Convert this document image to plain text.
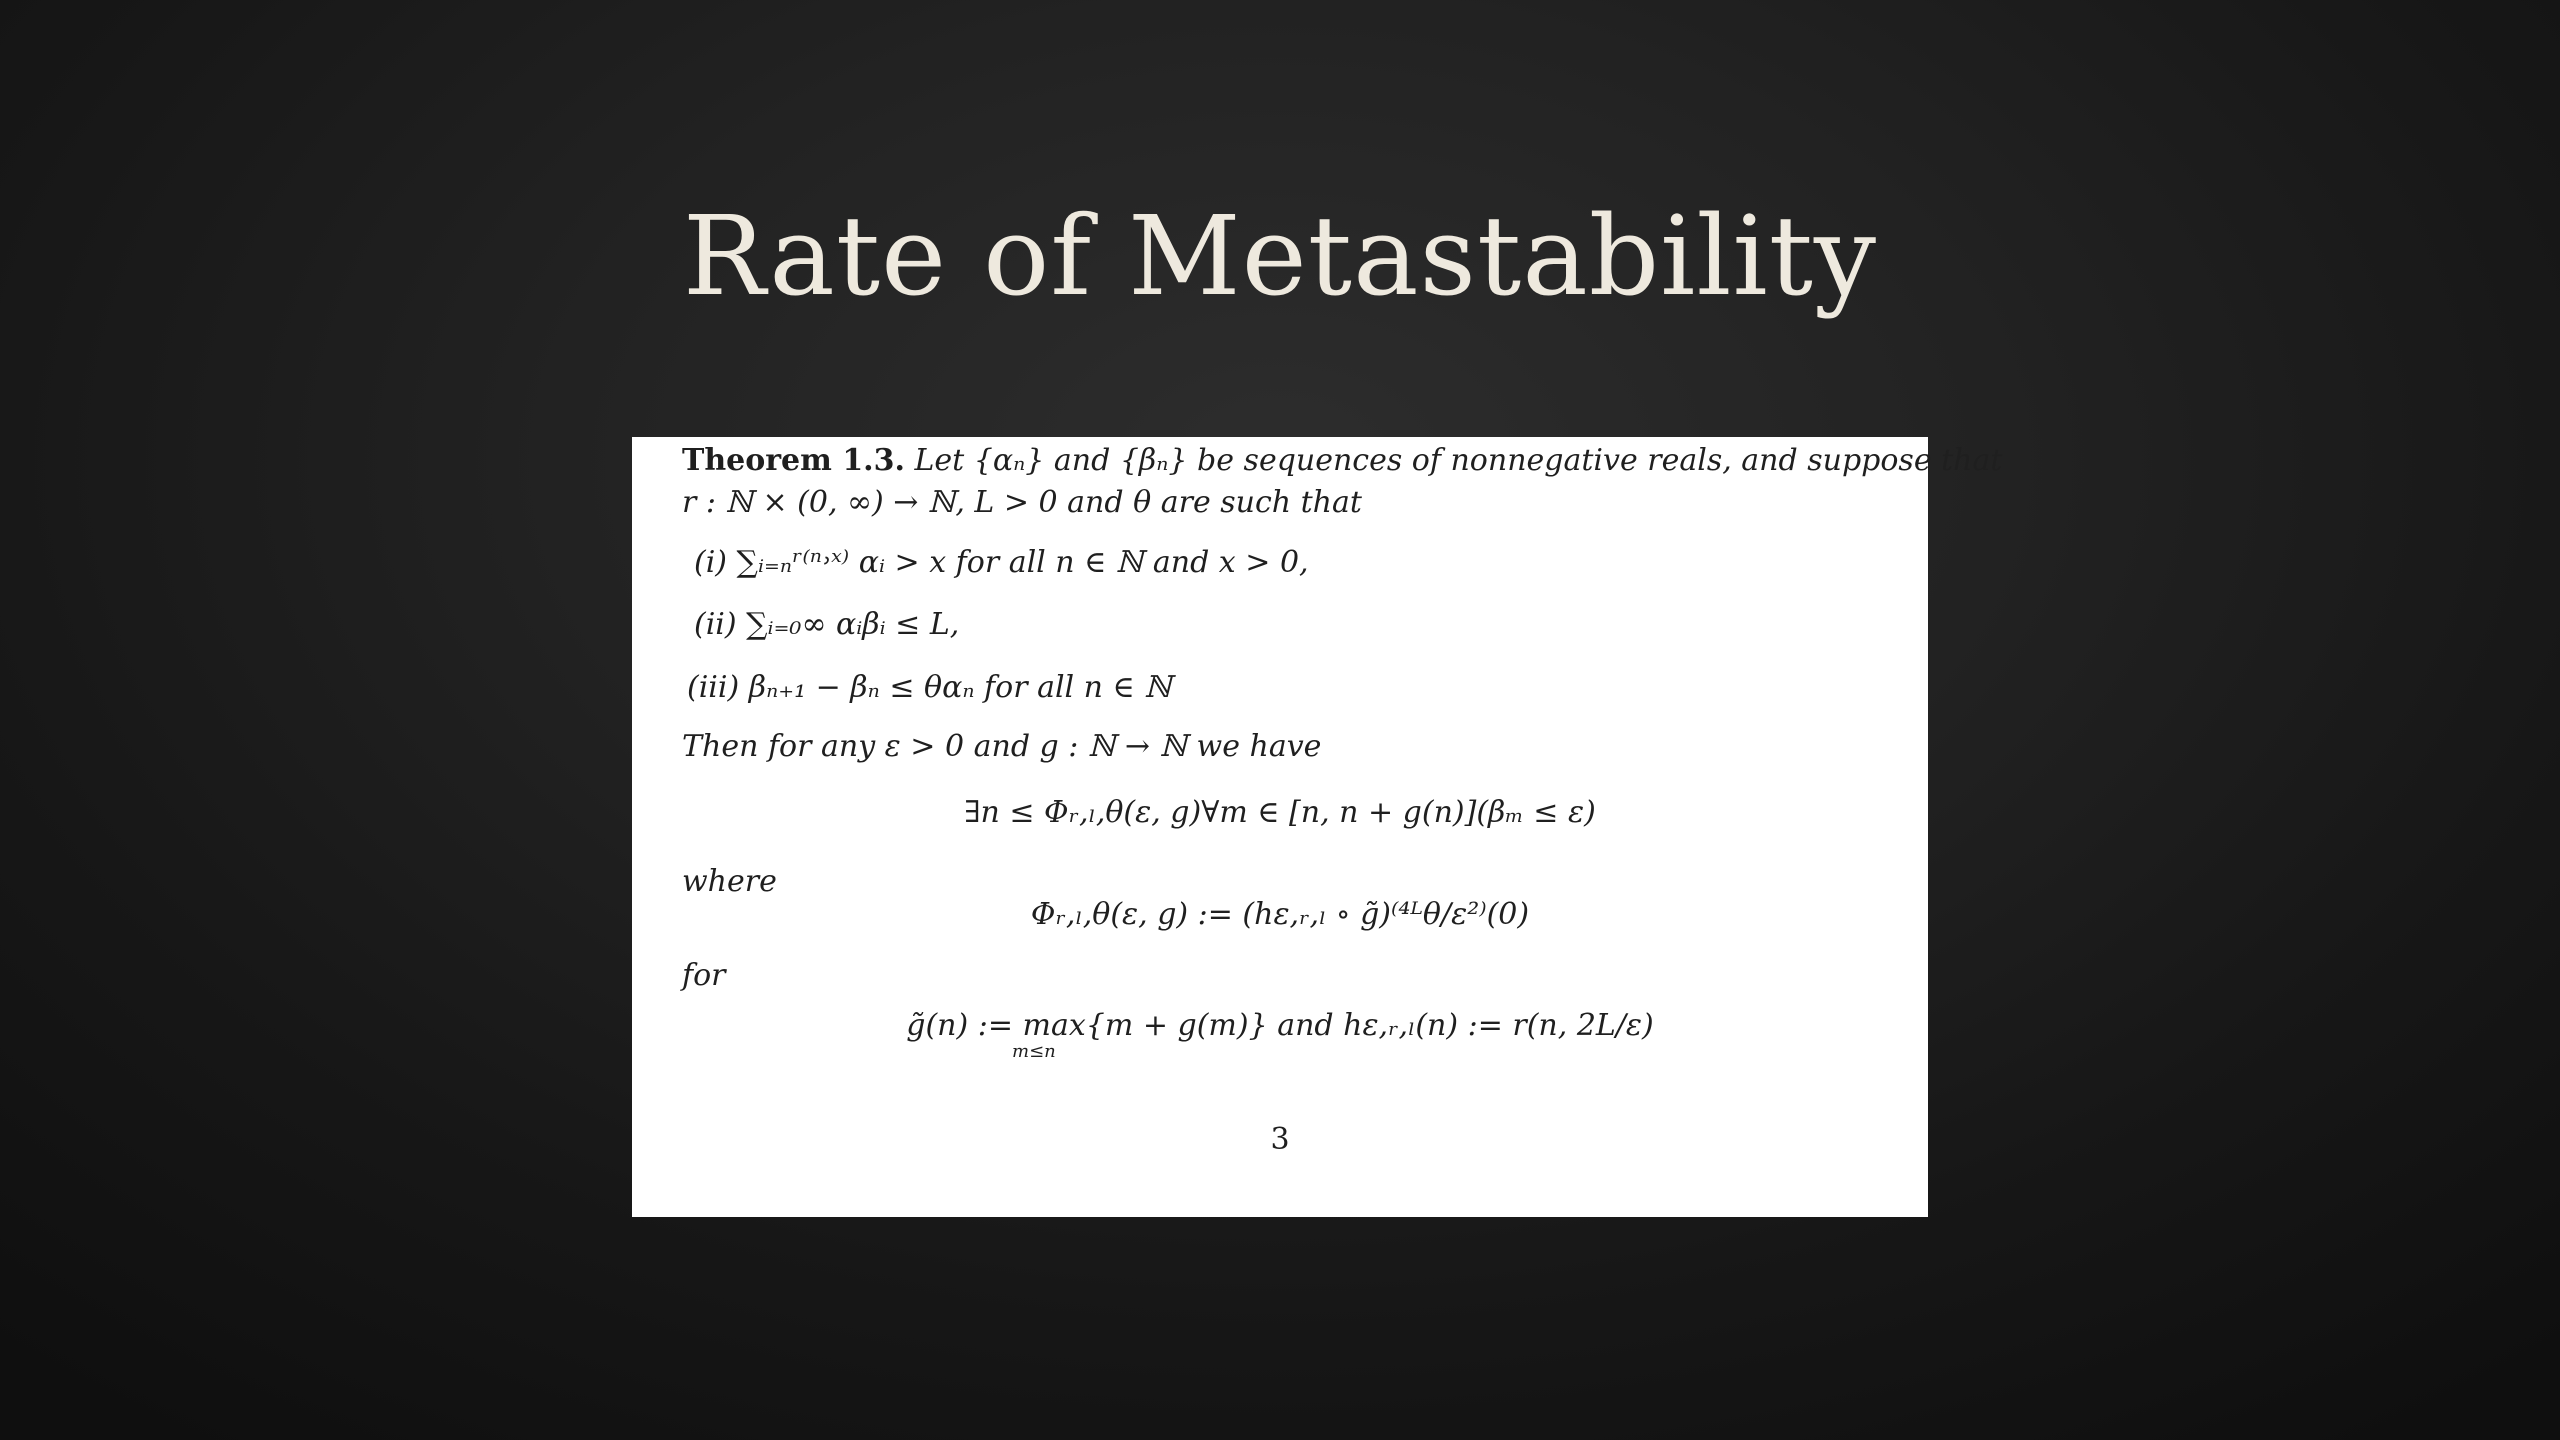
Rate of Metastability
Theorem 1.3. Let {αₙ} and {βₙ} be sequences of nonnegative reals, and suppose that
r : ℕ × (0, ∞) → ℕ, L > 0 and θ are such that
(i) ∑ᵢ₌ₙʳ⁽ⁿ˒ˣ⁾ αᵢ > x for all n ∈ ℕ and x > 0,
(ii) ∑ᵢ₌₀∞ αᵢβᵢ ≤ L,
(iii) βₙ₊₁ − βₙ ≤ θαₙ for all n ∈ ℕ
Then for any ε > 0 and g : ℕ → ℕ we have
∃n ≤ Φᵣ,ₗ,θ(ε, g)∀m ∈ [n, n + g(n)](βₘ ≤ ε)
where
Φᵣ,ₗ,θ(ε, g) := (hε,ᵣ,ₗ ∘ g̃)⁽⁴ᴸθ/ε²⁾(0)
for
g̃(n) := max{m + g(m)} and hε,ᵣ,ₗ(n) := r(n, 2L/ε)
m≤n
3
